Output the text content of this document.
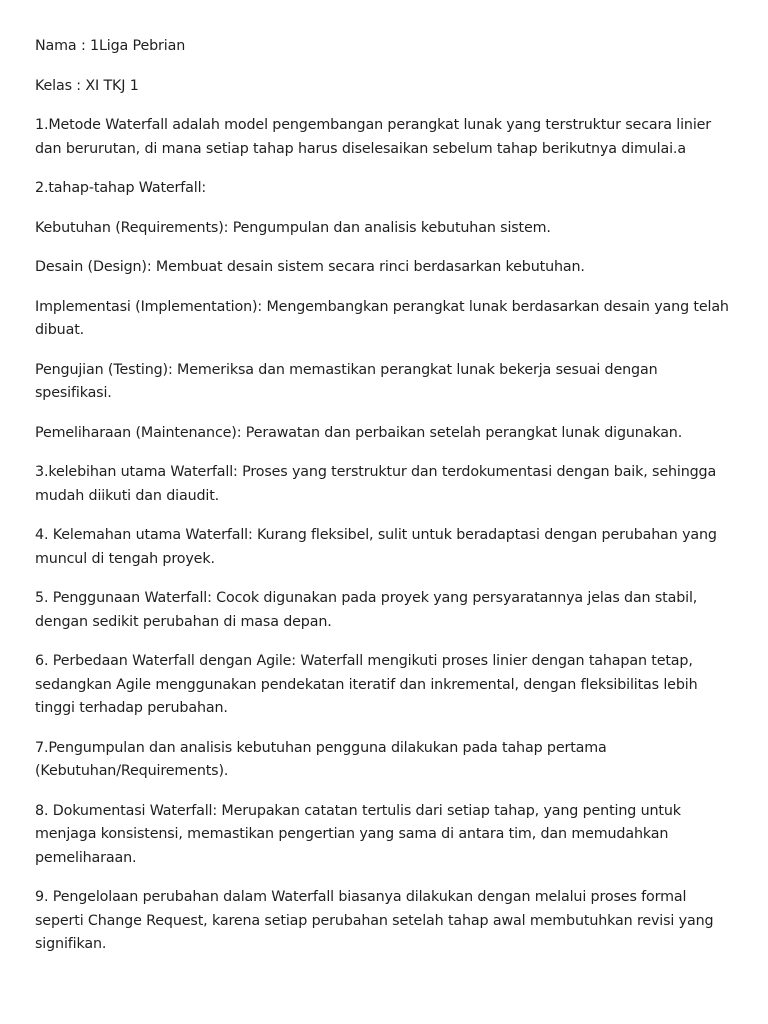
Nama : 1Liga Pebrian

Kelas : XI TKJ 1

1.Metode Waterfall adalah model pengembangan perangkat lunak yang terstruktur secara linier dan berurutan, di mana setiap tahap harus diselesaikan sebelum tahap berikutnya dimulai.a

2.tahap-tahap Waterfall:

Kebutuhan (Requirements): Pengumpulan dan analisis kebutuhan sistem.

Desain (Design): Membuat desain sistem secara rinci berdasarkan kebutuhan.

Implementasi (Implementation): Mengembangkan perangkat lunak berdasarkan desain yang telah dibuat.

Pengujian (Testing): Memeriksa dan memastikan perangkat lunak bekerja sesuai dengan spesifikasi.

Pemeliharaan (Maintenance): Perawatan dan perbaikan setelah perangkat lunak digunakan.

3.kelebihan utama Waterfall: Proses yang terstruktur dan terdokumentasi dengan baik, sehingga mudah diikuti dan diaudit.

4. Kelemahan utama Waterfall: Kurang fleksibel, sulit untuk beradaptasi dengan perubahan yang muncul di tengah proyek.

5. Penggunaan Waterfall: Cocok digunakan pada proyek yang persyaratannya jelas dan stabil, dengan sedikit perubahan di masa depan.

6. Perbedaan Waterfall dengan Agile: Waterfall mengikuti proses linier dengan tahapan tetap, sedangkan Agile menggunakan pendekatan iteratif dan inkremental, dengan fleksibilitas lebih tinggi terhadap perubahan.

7.Pengumpulan dan analisis kebutuhan pengguna dilakukan pada tahap pertama (Kebutuhan/Requirements).

8. Dokumentasi Waterfall: Merupakan catatan tertulis dari setiap tahap, yang penting untuk menjaga konsistensi, memastikan pengertian yang sama di antara tim, dan memudahkan pemeliharaan.

9. Pengelolaan perubahan dalam Waterfall biasanya dilakukan dengan melalui proses formal seperti Change Request, karena setiap perubahan setelah tahap awal membutuhkan revisi yang signifikan.
